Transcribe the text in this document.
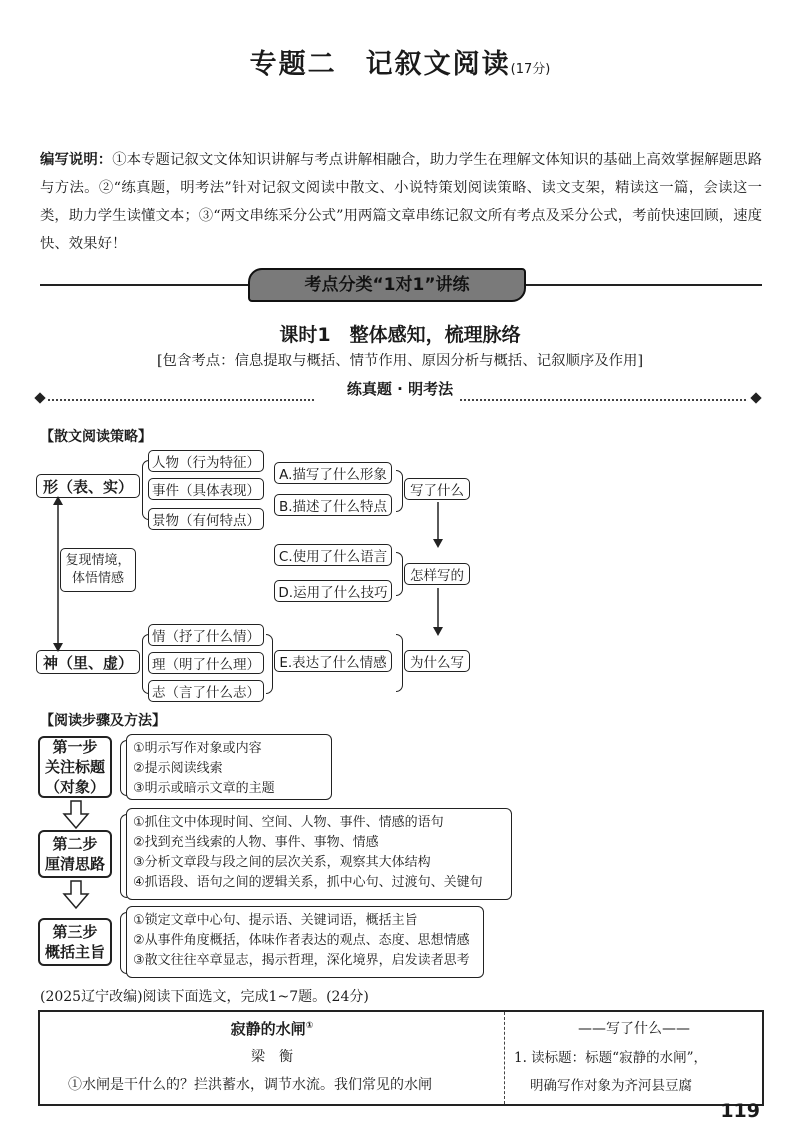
专题二　记叙文阅读(17分)
编写说明：①本专题记叙文文体知识讲解与考点讲解相融合，助力学生在理解文体知识的基础上高效掌握解题思路与方法。②“练真题，明考法”针对记叙文阅读中散文、小说特策划阅读策略、读文支架，精读这一篇，会读这一类，助力学生读懂文本；③“两文串练采分公式”用两篇文章串练记叙文所有考点及采分公式，考前快速回顾，速度快、效果好！
考点分类“1对1”讲练
课时1　整体感知，梳理脉络
[包含考点：信息提取与概括、情节作用、原因分析与概括、记叙顺序及作用]
练真题 · 明考法
【散文阅读策略】
形（表、实）
神（里、虚）
复现情境，体悟情感
人物（行为特征）
事件（具体表现）
景物（有何特点）
A.描写了什么形象
B.描述了什么特点
写了什么
C.使用了什么语言
D.运用了什么技巧
怎样写的
情（抒了什么情）
理（明了什么理）
志（言了什么志）
E.表达了什么情感	为什么写
【阅读步骤及方法】
第一步
关注标题
（对象）
①明示写作对象或内容
②提示阅读线索
③明示或暗示文章的主题
第二步
厘清思路
①抓住文中体现时间、空间、人物、事件、情感的语句
②找到充当线索的人物、事件、事物、情感
③分析文章段与段之间的层次关系，观察其大体结构
④抓语段、语句之间的逻辑关系，抓中心句、过渡句、关键句
第三步
概括主旨
①锁定文章中心句、提示语、关键词语，概括主旨
②从事件角度概括，体味作者表达的观点、态度、思想情感
③散文往往卒章显志，揭示哲理，深化境界，启发读者思考
(2025辽宁改编)阅读下面选文，完成1~7题。(24分)
寂静的水闸①
梁　衡
①水闸是干什么的？拦洪蓄水，调节水流。我们常见的水闸
——写了什么——
1. 读标题：标题“寂静的水闸”，
明确写作对象为齐河县豆腐
119
